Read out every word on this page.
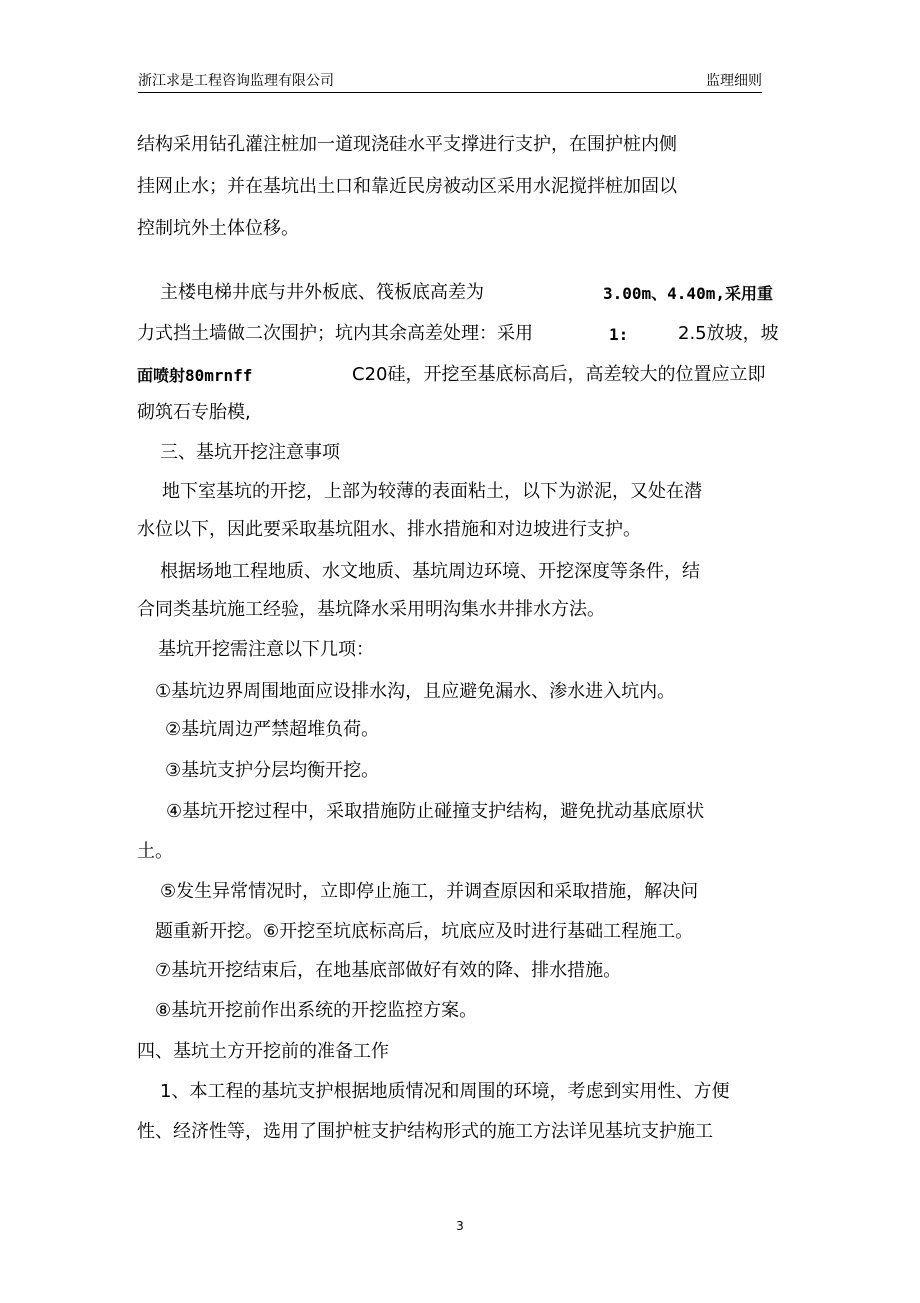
浙江求是工程咨询监理有限公司	监理细则
结构采用钻孔灌注桩加一道现浇硅水平支撑进行支护，在围护桩内侧
挂网止水；并在基坑出土口和靠近民房被动区采用水泥搅拌桩加固以
控制坑外土体位移。
主楼电梯井底与井外板底、筏板底高差为	3.00m、4.40m,采用重
力式挡土墙做二次围护；坑内其余高差处理：采用	1:	2.5放坡，坡
面喷射80mrnff	C20硅，开挖至基底标高后，高差较大的位置应立即
砌筑石专胎模,
三、基坑开挖注意事项
地下室基坑的开挖，上部为较薄的表面粘土，以下为淤泥，又处在潜
水位以下，因此要采取基坑阻水、排水措施和对边坡进行支护。
根据场地工程地质、水文地质、基坑周边环境、开挖深度等条件，结
合同类基坑施工经验，基坑降水采用明沟集水井排水方法。
基坑开挖需注意以下几项：
①基坑边界周围地面应设排水沟，且应避免漏水、渗水进入坑内。
②基坑周边严禁超堆负荷。
③基坑支护分层均衡开挖。
④基坑开挖过程中，采取措施防止碰撞支护结构，避免扰动基底原状
土。
⑤发生异常情况时，立即停止施工，并调查原因和采取措施，解决问
题重新开挖。⑥开挖至坑底标高后，坑底应及时进行基础工程施工。
⑦基坑开挖结束后，在地基底部做好有效的降、排水措施。
⑧基坑开挖前作出系统的开挖监控方案。
四、基坑土方开挖前的准备工作
1、本工程的基坑支护根据地质情况和周围的环境，考虑到实用性、方便
性、经济性等，选用了围护桩支护结构形式的施工方法详见基坑支护施工
3
